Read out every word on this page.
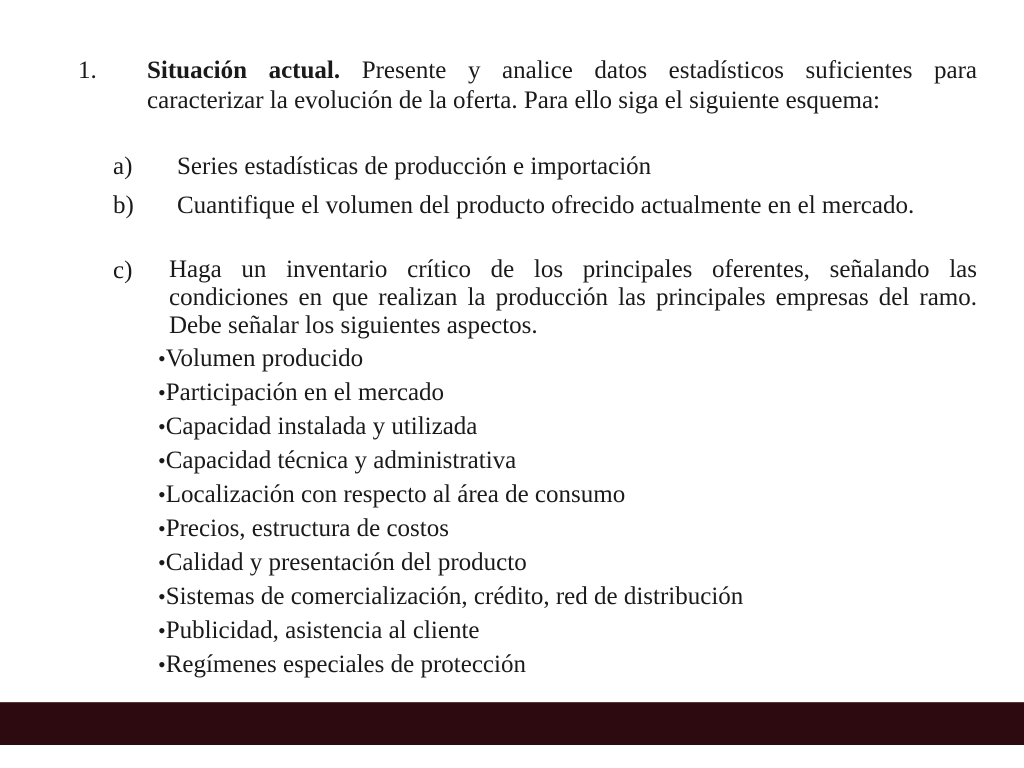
1. Situación actual. Presente y analice datos estadísticos suficientes para caracterizar la evolución de la oferta. Para ello siga el siguiente esquema:
a) Series estadísticas de producción e importación
b) Cuantifique el volumen del producto ofrecido actualmente en el mercado.
c) Haga un inventario crítico de los principales oferentes, señalando las condiciones en que realizan la producción las principales empresas del ramo. Debe señalar los siguientes aspectos.
•Volumen producido
•Participación en el mercado
•Capacidad instalada y utilizada
•Capacidad técnica y administrativa
•Localización con respecto al área de consumo
•Precios, estructura de costos
•Calidad y presentación del producto
•Sistemas de comercialización, crédito, red de distribución
•Publicidad, asistencia al cliente
•Regímenes especiales de protección
